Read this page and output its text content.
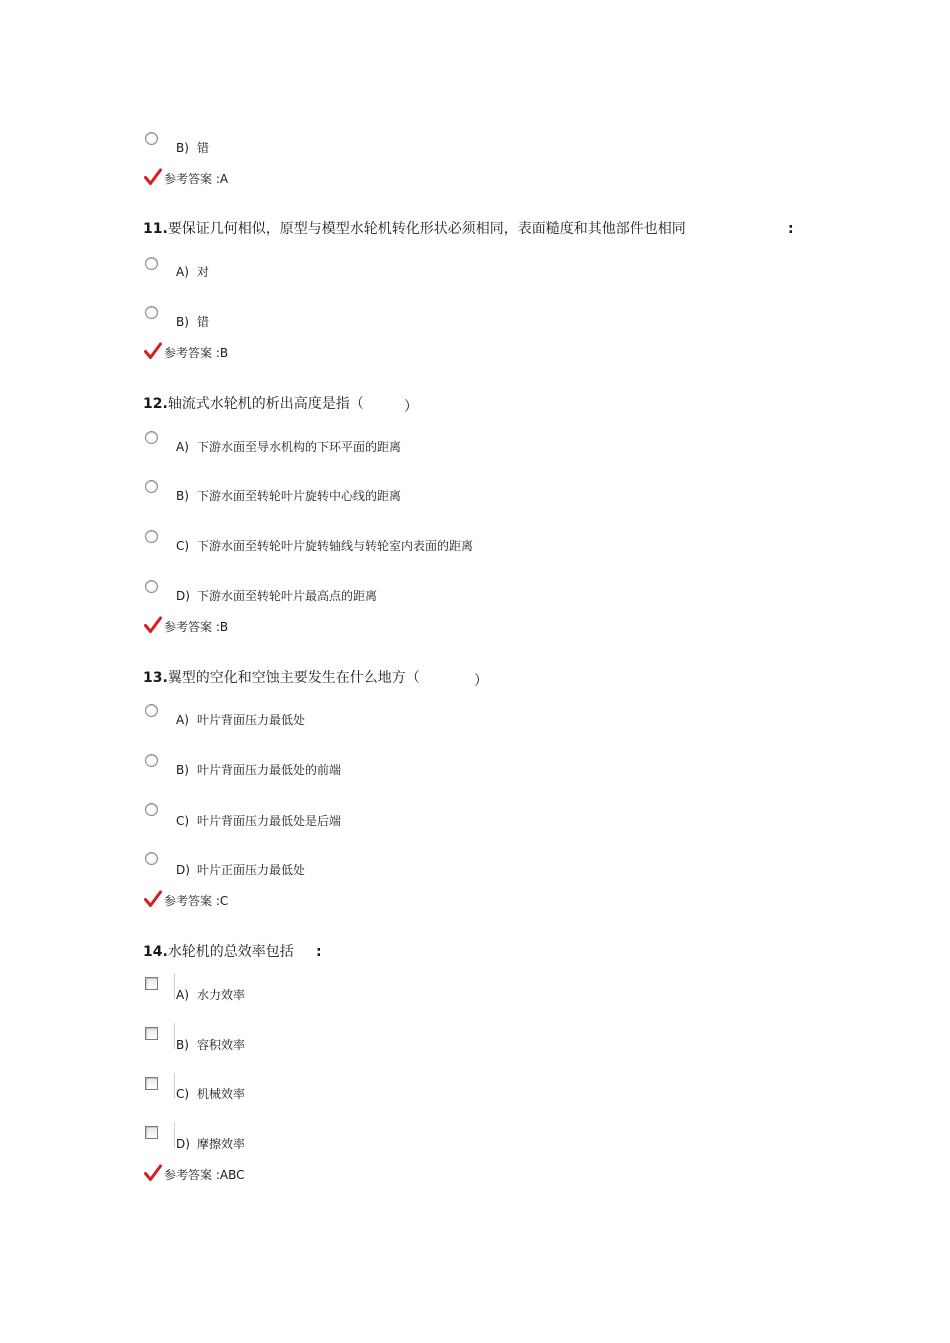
B) 错
参考答案 :A
11.要保证几何相似，原型与模型水轮机转化形状必须相同，表面糙度和其他部件也相同	:
A) 对
B) 错
参考答案 :B
12.轴流式水轮机的析出高度是指（	）
A) 下游水面至导水机构的下环平面的距离
B) 下游水面至转轮叶片旋转中心线的距离
C) 下游水面至转轮叶片旋转轴线与转轮室内表面的距离
D) 下游水面至转轮叶片最高点的距离
参考答案 :B
13.翼型的空化和空蚀主要发生在什么地方（	）
A) 叶片背面压力最低处
B) 叶片背面压力最低处的前端
C) 叶片背面压力最低处是后端
D) 叶片正面压力最低处
参考答案 :C
14.水轮机的总效率包括 :
A) 水力效率
B) 容积效率
C) 机械效率
D) 摩擦效率
参考答案 :ABC
